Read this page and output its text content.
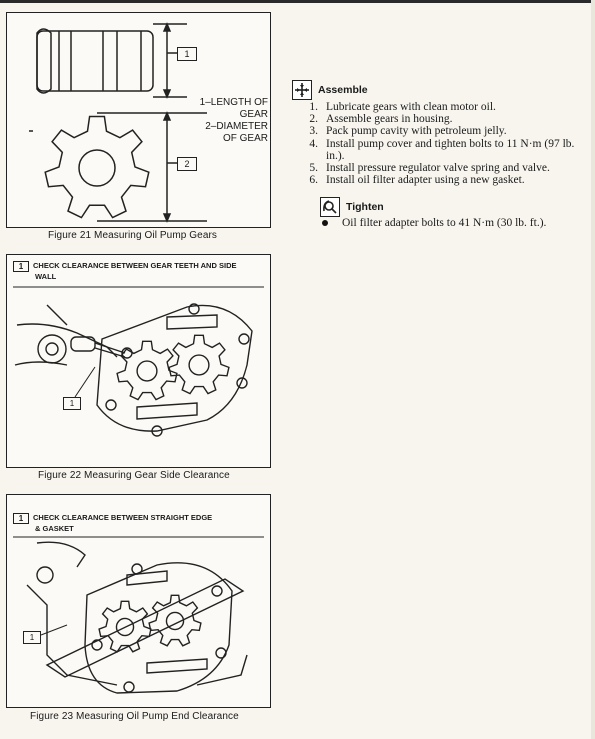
1
2
1–LENGTH OF
GEAR
2–DIAMETER
OF GEAR
Figure 21 Measuring Oil Pump Gears
1 CHECK CLEARANCE BETWEEN GEAR TEETH AND SIDE
WALL
1
Figure 22 Measuring Gear Side Clearance
1 CHECK CLEARANCE BETWEEN STRAIGHT EDGE
& GASKET
1
Figure 23 Measuring Oil Pump End Clearance
Assemble
1. Lubricate gears with clean motor oil.
2. Assemble gears in housing.
3. Pack pump cavity with petroleum jelly.
4. Install pump cover and tighten bolts to 11 N·m (97 lb. in.).
5. Install pressure regulator valve spring and valve.
6. Install oil filter adapter using a new gasket.
Tighten
Oil filter adapter bolts to 41 N·m (30 lb. ft.).
